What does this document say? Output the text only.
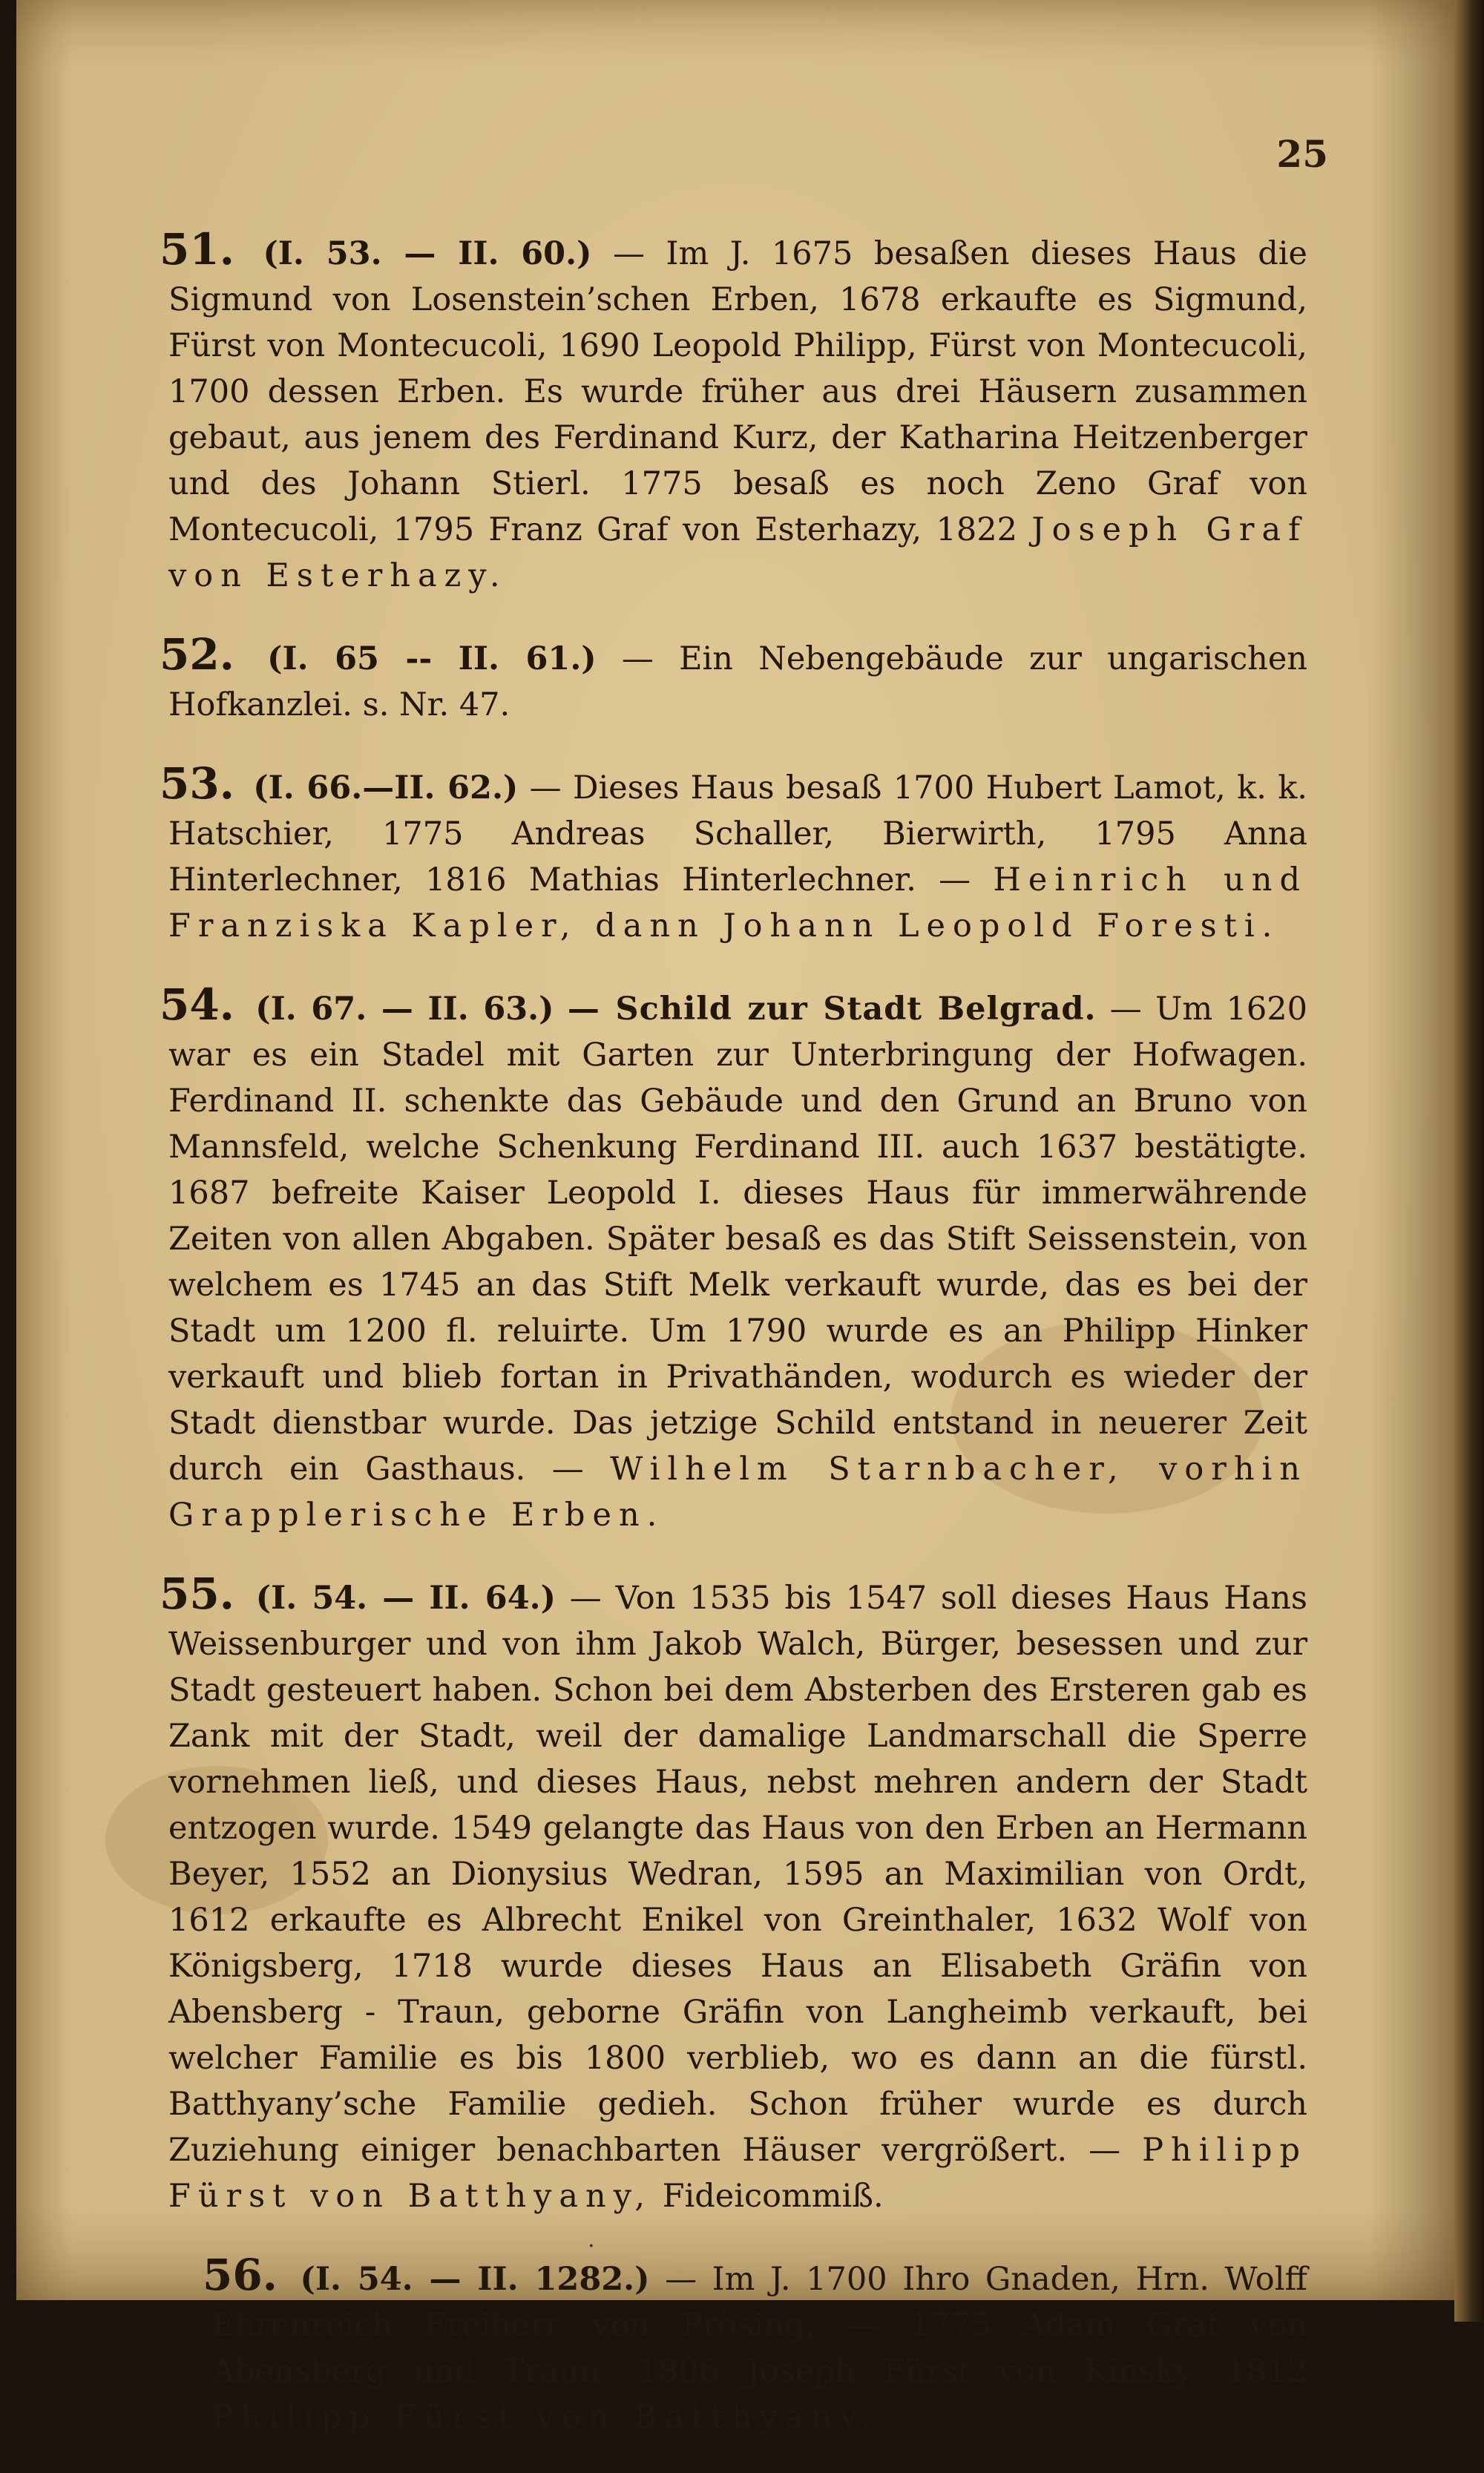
25

51. (I. 53. — II. 60.) — Im J. 1675 besaßen dieses Haus die Sigmund von Losenstein’schen Erben, 1678 erkaufte es Sigmund, Fürst von Montecucoli, 1690 Leopold Philipp, Fürst von Montecucoli, 1700 dessen Erben. Es wurde früher aus drei Häusern zusammen gebaut, aus jenem des Ferdinand Kurz, der Katharina Heitzenberger und des Johann Stierl. 1775 besaß es noch Zeno Graf von Montecucoli, 1795 Franz Graf von Esterhazy, 1822 Joseph Graf von Esterhazy.

52. (I. 65 -- II. 61.) — Ein Nebengebäude zur ungarischen Hofkanzlei. s. Nr. 47.

53. (I. 66.—II. 62.) — Dieses Haus besaß 1700 Hubert Lamot, k. k. Hatschier, 1775 Andreas Schaller, Bierwirth, 1795 Anna Hinterlechner, 1816 Mathias Hinterlechner. — Heinrich und Franziska Kapler, dann Johann Leopold Foresti.

54. (I. 67. — II. 63.) — Schild zur Stadt Belgrad. — Um 1620 war es ein Stadel mit Garten zur Unterbringung der Hofwagen. Ferdinand II. schenkte das Gebäude und den Grund an Bruno von Mannsfeld, welche Schenkung Ferdinand III. auch 1637 bestätigte. 1687 befreite Kaiser Leopold I. dieses Haus für immerwährende Zeiten von allen Abgaben. Später besaß es das Stift Seissenstein, von welchem es 1745 an das Stift Melk verkauft wurde, das es bei der Stadt um 1200 fl. reluirte. Um 1790 wurde es an Philipp Hinker verkauft und blieb fortan in Privathänden, wodurch es wieder der Stadt dienstbar wurde. Das jetzige Schild entstand in neuerer Zeit durch ein Gasthaus. — Wilhelm Starnbacher, vorhin Grapplerische Erben.

55. (I. 54. — II. 64.) — Von 1535 bis 1547 soll dieses Haus Hans Weissenburger und von ihm Jakob Walch, Bürger, besessen und zur Stadt gesteuert haben. Schon bei dem Absterben des Ersteren gab es Zank mit der Stadt, weil der damalige Landmarschall die Sperre vornehmen ließ, und dieses Haus, nebst mehren andern der Stadt entzogen wurde. 1549 gelangte das Haus von den Erben an Hermann Beyer, 1552 an Dionysius Wedran, 1595 an Maximilian von Ordt, 1612 erkaufte es Albrecht Enikel von Greinthaler, 1632 Wolf von Königsberg, 1718 wurde dieses Haus an Elisabeth Gräfin von Abensberg - Traun, geborne Gräfin von Langheimb verkauft, bei welcher Familie es bis 1800 verblieb, wo es dann an die fürstl. Batthyany’sche Familie gedieh. Schon früher wurde es durch Zuziehung einiger benachbarten Häuser vergrößert. — Philipp Fürst von Batthyany, Fideicommiß.

56. (I. 54. — II. 1282.) — Im J. 1700 Ihro Gnaden, Hrn. Wolff Ehrenreich Freiherr von Prösing, — 1775 Adam Graf von Abensberg und Traun, 1806 Joseph Fürst von Kinsky, 1812 Philipp Fürst von Batthyany.

·
